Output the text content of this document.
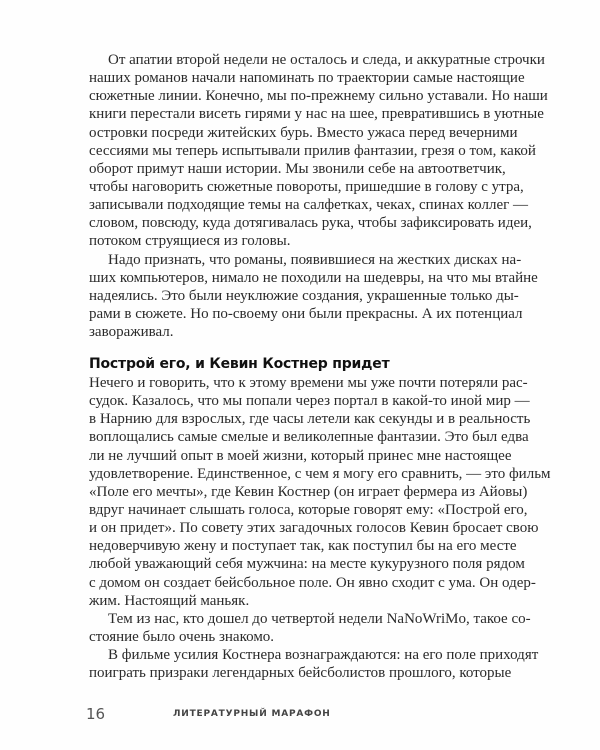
От апатии второй недели не осталось и следа, и аккуратные строчки
наших романов начали напоминать по траектории самые настоящие
сюжетные линии. Конечно, мы по-прежнему сильно уставали. Но наши
книги перестали висеть гирями у нас на шее, превратившись в уютные
островки посреди житейских бурь. Вместо ужаса перед вечерними
сессиями мы теперь испытывали прилив фантазии, грезя о том, какой
оборот примут наши истории. Мы звонили себе на автоответчик,
чтобы наговорить сюжетные повороты, пришедшие в голову с утра,
записывали подходящие темы на салфетках, чеках, спинах коллег —
словом, повсюду, куда дотягивалась рука, чтобы зафиксировать идеи,
потоком струящиеся из головы.
Надо признать, что романы, появившиеся на жестких дисках на-
ших компьютеров, нимало не походили на шедевры, на что мы втайне
надеялись. Это были неуклюжие создания, украшенные только ды-
рами в сюжете. Но по-своему они были прекрасны. А их потенциал
завораживал.
Построй его, и Кевин Костнер придет
Нечего и говорить, что к этому времени мы уже почти потеряли рас-
судок. Казалось, что мы попали через портал в какой-то иной мир —
в Нарнию для взрослых, где часы летели как секунды и в реальность
воплощались самые смелые и великолепные фантазии. Это был едва
ли не лучший опыт в моей жизни, который принес мне настоящее
удовлетворение. Единственное, с чем я могу его сравнить, — это фильм
«Поле его мечты», где Кевин Костнер (он играет фермера из Айовы)
вдруг начинает слышать голоса, которые говорят ему: «Построй его,
и он придет». По совету этих загадочных голосов Кевин бросает свою
недоверчивую жену и поступает так, как поступил бы на его месте
любой уважающий себя мужчина: на месте кукурузного поля рядом
с домом он создает бейсбольное поле. Он явно сходит с ума. Он одер-
жим. Настоящий маньяк.
Тем из нас, кто дошел до четвертой недели NaNoWriMo, такое со-
стояние было очень знакомо.
В фильме усилия Костнера вознаграждаются: на его поле приходят
поиграть призраки легендарных бейсболистов прошлого, которые
16	ЛИТЕРАТУРНЫЙ МАРАФОН
